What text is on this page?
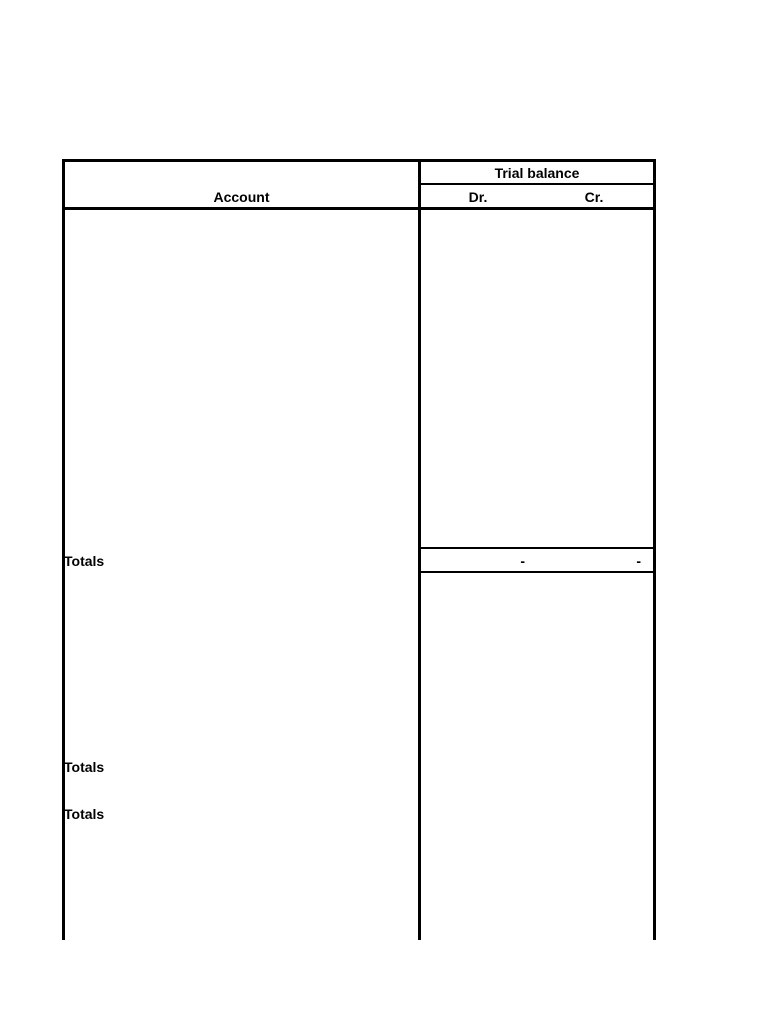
Trial balance
Account	Dr.	Cr.
Totals	-	-
Totals
Totals
